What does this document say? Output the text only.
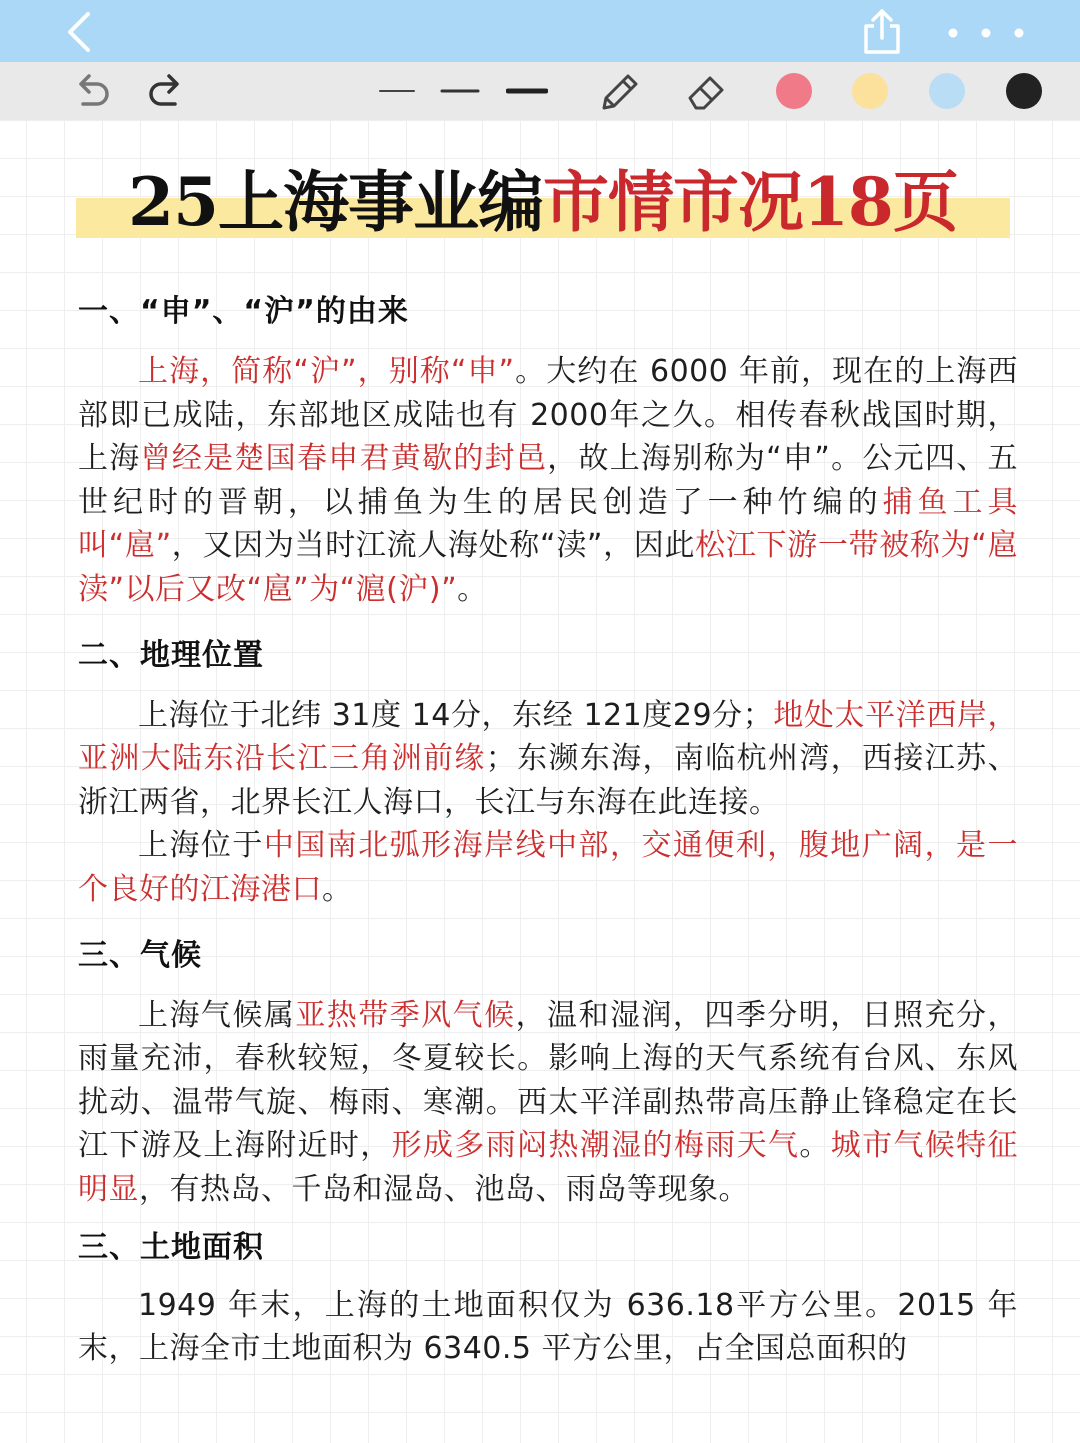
25上海事业编市情市况18页
一、“申”、“沪”的由来

上海，简称“沪”，别称“申”。大约在 6000 年前，现在的上海西部即已成陆，东部地区成陆也有 2000年之久。相传春秋战国时期，上海曾经是楚国春申君黄歇的封邑，故上海别称为“申”。公元四、五世纪时的晋朝，以捕鱼为生的居民创造了一种竹编的捕鱼工具叫“扈”，又因为当时江流人海处称“渎”，因此松江下游一带被称为“扈渎”以后又改“扈”为“滬(沪)”。

二、地理位置

上海位于北纬 31度 14分，东经 121度29分；地处太平洋西岸，亚洲大陆东沿长江三角洲前缘；东濒东海，南临杭州湾，西接江苏、浙江两省，北界长江人海口，长江与东海在此连接。

上海位于中国南北弧形海岸线中部，交通便利，腹地广阔，是一个良好的江海港口。

三、气候

上海气候属亚热带季风气候，温和湿润，四季分明，日照充分，雨量充沛，春秋较短，冬夏较长。影响上海的天气系统有台风、东风扰动、温带气旋、梅雨、寒潮。西太平洋副热带高压静止锋稳定在长江下游及上海附近时，形成多雨闷热潮湿的梅雨天气。城市气候特征明显，有热岛、千岛和湿岛、池岛、雨岛等现象。

三、土地面积

1949 年末，上海的土地面积仅为 636.18平方公里。2015 年末，上海全市土地面积为 6340.5 平方公里，占全国总面积的
